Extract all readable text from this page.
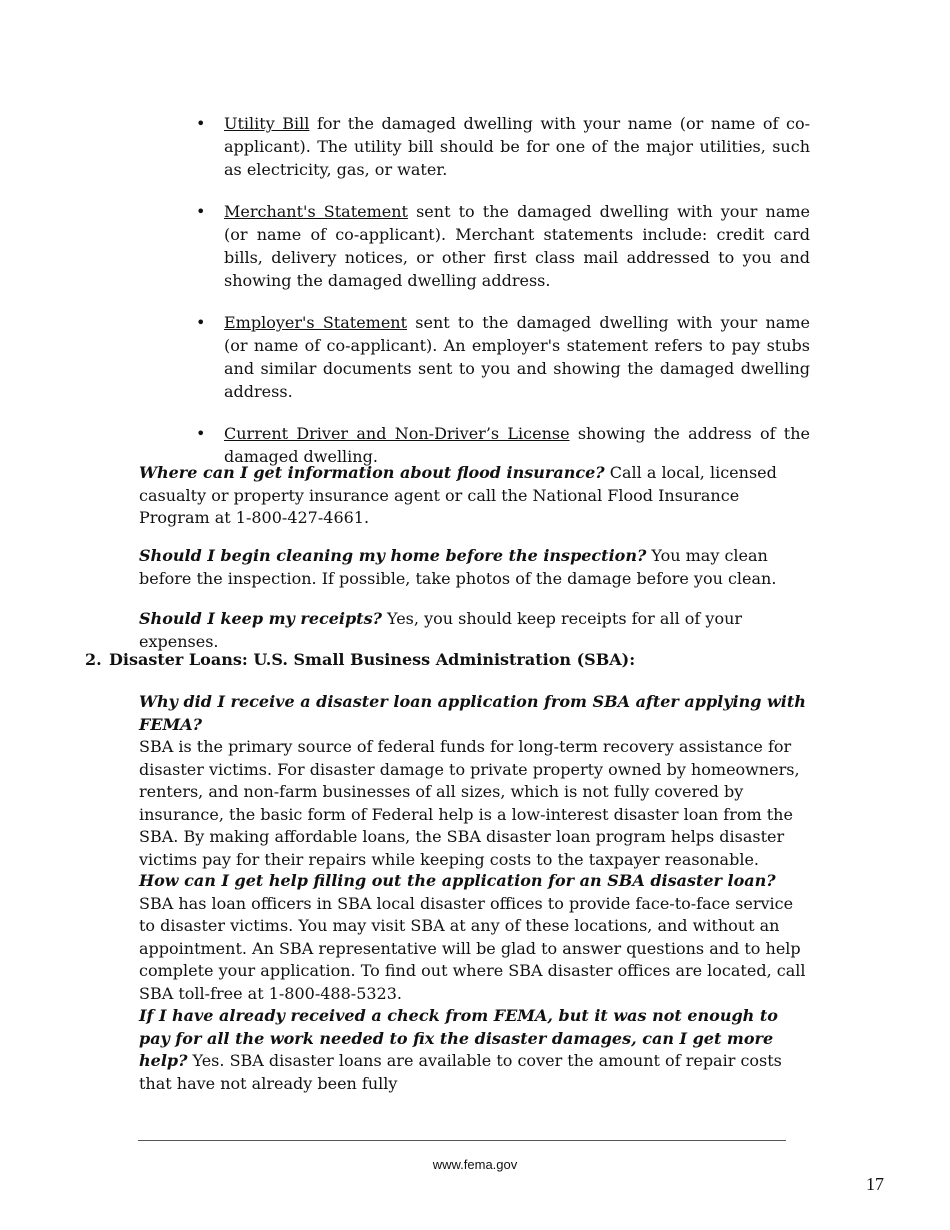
• Utility Bill for the damaged dwelling with your name (or name of co-applicant). The utility bill should be for one of the major utilities, such as electricity, gas, or water.
• Merchant's Statement sent to the damaged dwelling with your name (or name of co-applicant). Merchant statements include: credit card bills, delivery notices, or other first class mail addressed to you and showing the damaged dwelling address.
• Employer's Statement sent to the damaged dwelling with your name (or name of co-applicant). An employer's statement refers to pay stubs and similar documents sent to you and showing the damaged dwelling address.
• Current Driver and Non-Driver’s License showing the address of the damaged dwelling.

Where can I get information about flood insurance? Call a local, licensed casualty or property insurance agent or call the National Flood Insurance Program at 1-800-427-4661.

Should I begin cleaning my home before the inspection? You may clean before the inspection. If possible, take photos of the damage before you clean.

Should I keep my receipts? Yes, you should keep receipts for all of your expenses.

2. Disaster Loans: U.S. Small Business Administration (SBA):

Why did I receive a disaster loan application from SBA after applying with FEMA?
SBA is the primary source of federal funds for long-term recovery assistance for disaster victims. For disaster damage to private property owned by homeowners, renters, and non-farm businesses of all sizes, which is not fully covered by insurance, the basic form of Federal help is a low-interest disaster loan from the SBA. By making affordable loans, the SBA disaster loan program helps disaster victims pay for their repairs while keeping costs to the taxpayer reasonable.

How can I get help filling out the application for an SBA disaster loan? SBA has loan officers in SBA local disaster offices to provide face-to-face service to disaster victims. You may visit SBA at any of these locations, and without an appointment. An SBA representative will be glad to answer questions and to help complete your application. To find out where SBA disaster offices are located, call SBA toll-free at 1-800-488-5323.

If I have already received a check from FEMA, but it was not enough to pay for all the work needed to fix the disaster damages, can I get more help? Yes. SBA disaster loans are available to cover the amount of repair costs that have not already been fully

www.fema.gov
17
